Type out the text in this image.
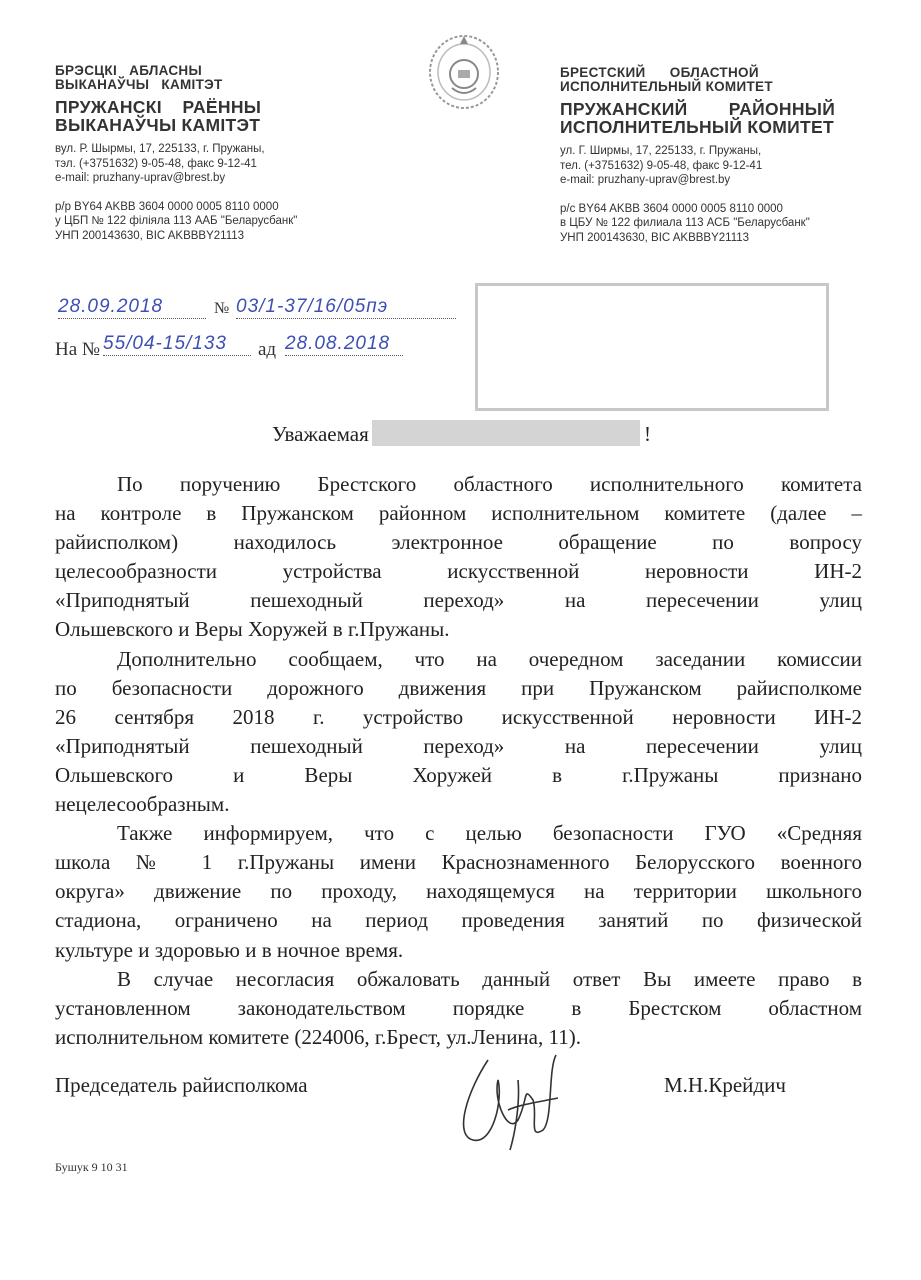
БРЭСЦКІ   АБЛАСНЫ
ВЫКАНАЎЧЫ   КАМІТЭТ
ПРУЖАНСКІ    РАЁННЫ
ВЫКАНАЎЧЫ КАМІТЭТ
вул. Р. Шырмы, 17, 225133, г. Пружаны,
тэл. (+3751632) 9-05-48, факс 9-12-41
e-mail: pruzhany-uprav@brest.by
р/р BY64 AKBB 3604 0000 0005 8110 0000
у ЦБП № 122 філіяла 113 ААБ "Беларусбанк"
УНП 200143630, BIC AKBBBY21113
БРЕСТСКИЙ      ОБЛАСТНОЙ
ИСПОЛНИТЕЛЬНЫЙ КОМИТЕТ
ПРУЖАНСКИЙ        РАЙОННЫЙ
ИСПОЛНИТЕЛЬНЫЙ КОМИТЕТ
ул. Г. Ширмы, 17, 225133, г. Пружаны,
тел. (+3751632) 9-05-48, факс 9-12-41
e-mail: pruzhany-uprav@brest.by
р/с BY64 AKBB 3604 0000 0005 8110 0000
в ЦБУ № 122 филиала 113 АСБ "Беларусбанк"
УНП 200143630, BIC AKBBBY21113
28.09.2018	№ 03/1-37/16/05пэ
На № 55/04-15/133	ад 28.08.2018
Уважаемая	!
По поручению Брестского областного исполнительного комитета
на контроле в Пружанском районном исполнительном комитете (далее –
райисполком) находилось электронное обращение по вопросу
целесообразности устройства искусственной неровности ИН-2
«Приподнятый пешеходный переход» на пересечении улиц
Ольшевского и Веры Хоружей в г.Пружаны.
Дополнительно сообщаем, что на очередном заседании комиссии
по безопасности дорожного движения при Пружанском райисполкоме
26 сентября 2018 г. устройство искусственной неровности ИН-2
«Приподнятый пешеходный переход» на пересечении улиц
Ольшевского и Веры Хоружей в г.Пружаны признано
нецелесообразным.
Также информируем, что с целью безопасности ГУО «Средняя
школа № 1 г.Пружаны имени Краснознаменного Белорусского военного
округа» движение по проходу, находящемуся на территории школьного
стадиона, ограничено на период проведения занятий по физической
культуре и здоровью и в ночное время.
В случае несогласия обжаловать данный ответ Вы имеете право в
установленном законодательством порядке в Брестском областном
исполнительном комитете (224006, г.Брест, ул.Ленина, 11).
Председатель райисполкома	М.Н.Крейдич
Бушук 9 10 31
